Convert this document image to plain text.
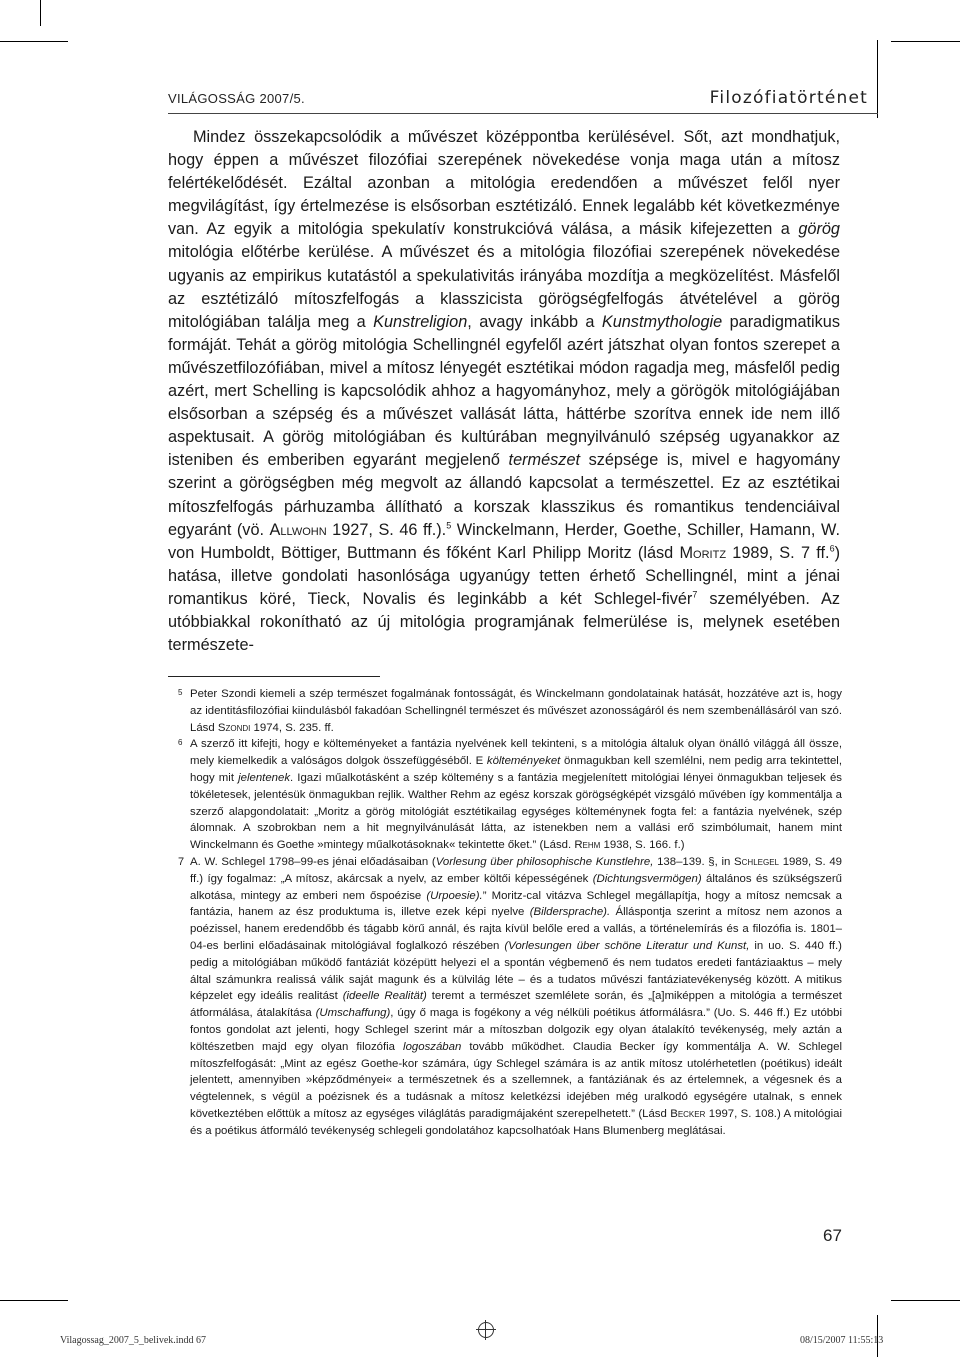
VILÁGOSSÁG 2007/5.	Filozófiatörténet

Mindez összekapcsolódik a művészet középpontba kerülésével. Sőt, azt mondhatjuk, hogy éppen a művészet filozófiai szerepének növekedése vonja maga után a mítosz felértékelődését. Ezáltal azonban a mitológia eredendően a művészet felől nyer megvilágítást, így értelmezése is elsősorban esztétizáló. Ennek legalább két következménye van. Az egyik a mitológia spekulatív konstrukcióvá válása, a másik kifejezetten a görög mitológia előtérbe kerülése. A művészet és a mitológia filozófiai szerepének növekedése ugyanis az empirikus kutatástól a spekulativitás irányába mozdítja a megközelítést. Másfelől az esztétizáló mítoszfelfogás a klasszicista görögségfelfogás átvételével a görög mitológiában találja meg a Kunstreligion, avagy inkább a Kunstmythologie paradigmatikus formáját. Tehát a görög mitológia Schellingnél egyfelől azért játszhat olyan fontos szerepet a művészetfilozófiában, mivel a mítosz lényegét esztétikai módon ragadja meg, másfelől pedig azért, mert Schelling is kapcsolódik ahhoz a hagyományhoz, mely a görögök mitológiájában elsősorban a szépség és a művészet vallását látta, háttérbe szorítva ennek ide nem illő aspektusait. A görög mitológiában és kultúrában megnyilvánuló szépség ugyanakkor az isteniben és emberiben egyaránt megjelenő természet szépsége is, mivel e hagyomány szerint a görögségben még megvolt az állandó kapcsolat a természettel. Ez az esztétikai mítoszfelfogás párhuzamba állítható a korszak klasszikus és romantikus tendenciáival egyaránt (vö. Allwohn 1927, S. 46 ff.).$^5$ Winckelmann, Herder, Goethe, Schiller, Hamann, W. von Humboldt, Böttiger, Buttmann és főként Karl Philipp Moritz (lásd Moritz 1989, S. 7 ff.$^6$) hatása, illetve gondolati hasonlósága ugyanúgy tetten érhető Schellingnél, mint a jénai romantikus köré, Tieck, Novalis és leginkább a két Schlegel-fivér$^7$ személyében. Az utóbbiakkal rokonítható az új mitológia programjának felmerülése is, melynek esetében természete-

5 Peter Szondi kiemeli a szép természet fogalmának fontosságát, és Winckelmann gondolatainak hatását, hozzátéve azt is, hogy az identitásfilozófiai kiindulásból fakadóan Schellingnél természet és művészet azonosságáról és nem szembenállásáról van szó. Lásd Szondi 1974, S. 235. ff.
6 A szerző itt kifejti, hogy e költeményeket a fantázia nyelvének kell tekinteni, s a mitológia általuk olyan önálló világgá áll össze, mely kiemelkedik a valóságos dolgok összefüggéséből. E költeményeket önmagukban kell szemlélni, nem pedig arra tekintettel, hogy mit jelentenek. Igazi műalkotásként a szép költemény s a fantázia megjelenített mitológiai lényei önmagukban teljesek és tökéletesek, jelentésük önmagukban rejlik. Walther Rehm az egész korszak görögségképét vizsgáló művében így kommentálja a szerző alapgondolatait: „Moritz a görög mitológiát esztétikailag egységes költeménynek fogta fel: a fantázia nyelvének, szép álomnak. A szobrokban nem a hit megnyilvánulását látta, az istenekben nem a vallási erő szimbólumait, hanem mint Winckelmann és Goethe »mintegy műalkotásoknak« tekintette őket.” (Lásd. Rehm 1938, S. 166. f.)
7 A. W. Schlegel 1798–99-es jénai előadásaiban (Vorlesung über philosophische Kunstlehre, 138–139. §, in Schlegel 1989, S. 49 ff.) így fogalmaz: „A mítosz, akárcsak a nyelv, az ember költői képességének (Dichtungsvermögen) általános és szükségszerű alkotása, mintegy az emberi nem őspoézise (Urpoesie).” Moritz-cal vitázva Schlegel megállapítja, hogy a mítosz nemcsak a fantázia, hanem az ész produktuma is, illetve ezek képi nyelve (Bildersprache). Álláspontja szerint a mítosz nem azonos a poézissel, hanem eredendőbb és tágabb körű annál, és rajta kívül belőle ered a vallás, a történelemírás és a filozófia is. 1801–04-es berlini előadásainak mitológiával foglalkozó részében (Vorlesungen über schöne Literatur und Kunst, in uo. S. 440 ff.) pedig a mitológiában működő fantáziát középütt helyezi el a spontán végbemenő és nem tudatos eredeti fantáziaaktus – mely által számunkra realissá válik saját magunk és a külvilág léte – és a tudatos művészi fantáziatevékenység között. A mitikus képzelet egy ideális realitást (ideelle Realität) teremt a természet szemlélete során, és „[a]miképpen a mitológia a természet átformálása, átalakítása (Umschaffung), úgy ő maga is fogékony a vég nélküli poétikus átformálásra.” (Uo. S. 446 ff.) Ez utóbbi fontos gondolat azt jelenti, hogy Schlegel szerint már a mítoszban dolgozik egy olyan átalakító tevékenység, mely aztán a költészetben majd egy olyan filozófia logoszában tovább működhet. Claudia Becker így kommentálja A. W. Schlegel mítoszfelfogását: „Mint az egész Goethe-kor számára, úgy Schlegel számára is az antik mítosz utolérhetetlen (poétikus) ideált jelentett, amennyiben »képződményei« a természetnek és a szellemnek, a fantáziának és az értelemnek, a végesnek és a végtelennek, s végül a poézisnek és a tudásnak a mítosz keletkézsi idejében még uralkodó egységére utalnak, s ennek következtében előttük a mítosz az egységes világlátás paradigmájaként szerepelhetett.” (Lásd Becker 1997, S. 108.) A mitológiai és a poétikus átformáló tevékenység schlegeli gondolatához kapcsolhatóak Hans Blumenberg meglátásai.
67
Vilagossag_2007_5_belivek.indd 67	08/15/2007 11:55:13
